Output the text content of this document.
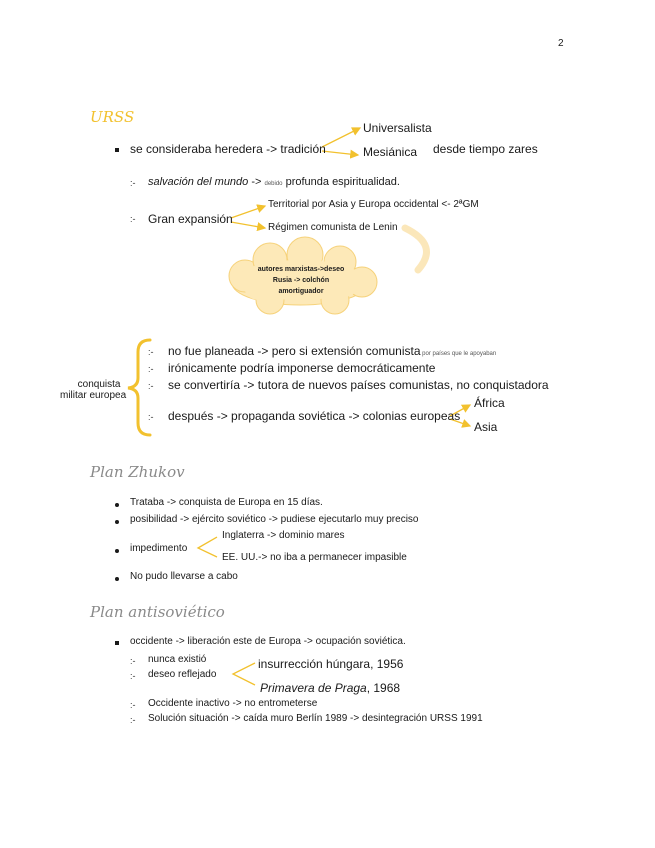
2
URSS
se consideraba heredera -> tradición
Universalista
Mesiánica desde tiempo zares
:- salvación del mundo -> debido profunda espiritualidad.
:- Gran expansión
Territorial por Asia y Europa occidental <- 2ªGM
Régimen comunista de Lenin
autores marxistas->deseo
Rusia -> colchón
amortiguador
conquista
militar europea
:- no fue planeada -> pero si extensión comunista por países que le apoyaban
:- irónicamente podría imponerse democráticamente
:- se convertiría -> tutora de nuevos países comunistas, no conquistadora
:- después -> propaganda soviética -> colonias europeas
África
Asia
Plan Zhukov
Trataba -> conquista de Europa en 15 días.
posibilidad -> ejército soviético -> pudiese ejecutarlo muy preciso
impedimento
Inglaterra -> dominio mares
EE. UU.-> no iba a permanecer impasible
No pudo llevarse a cabo
Plan antisoviético
occidente -> liberación este de Europa -> ocupación soviética.
:- nunca existió
:- deseo reflejado
insurrección húngara, 1956
Primavera de Praga, 1968
:- Occidente inactivo -> no entrometerse
:- Solución situación -> caída muro Berlín 1989 -> desintegración URSS 1991
